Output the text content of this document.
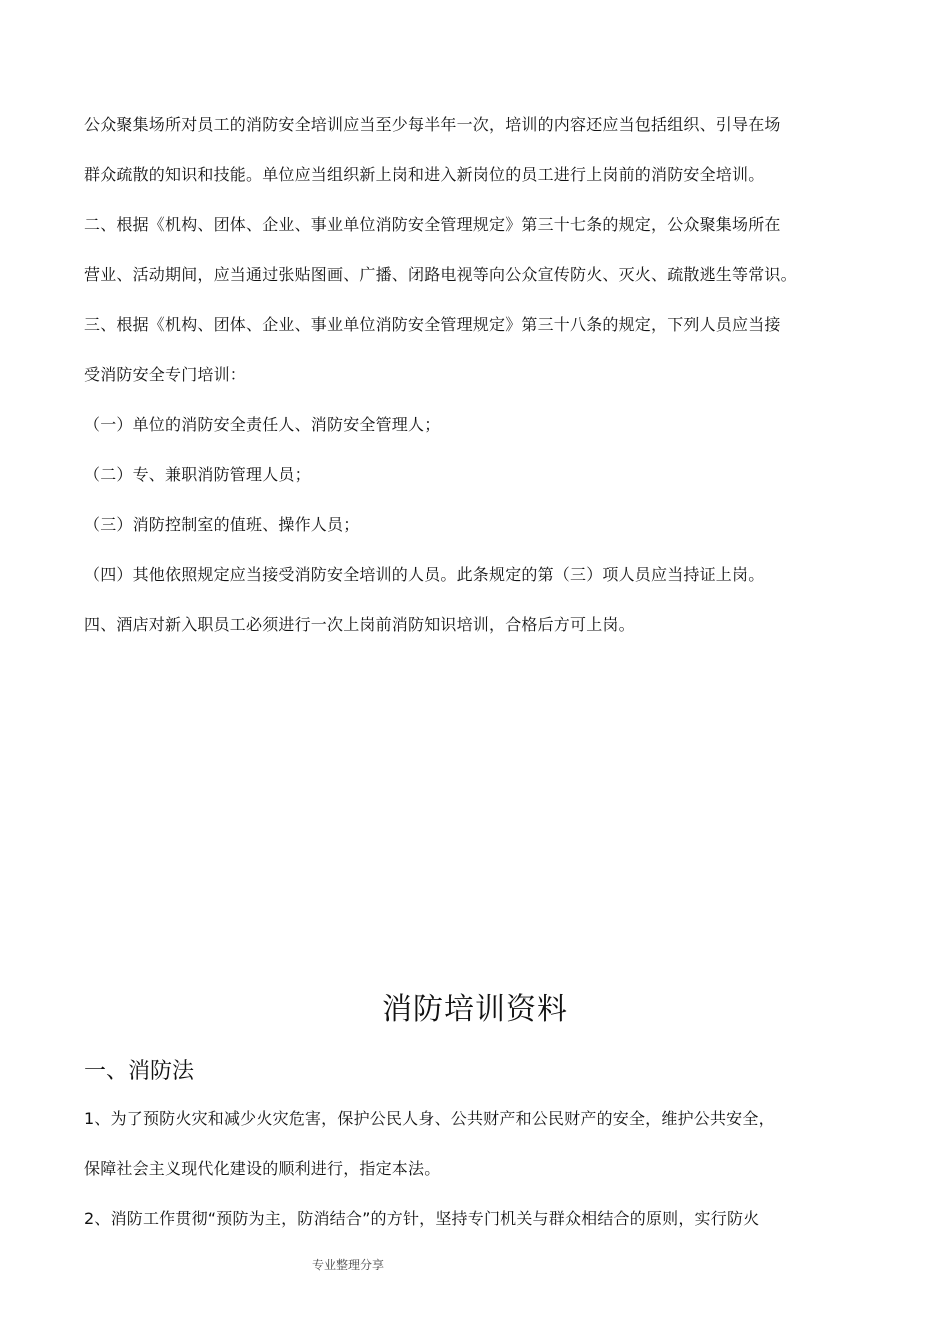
公众聚集场所对员工的消防安全培训应当至少每半年一次，培训的内容还应当包括组织、引导在场
群众疏散的知识和技能。单位应当组织新上岗和进入新岗位的员工进行上岗前的消防安全培训。
二、根据《机构、团体、企业、事业单位消防安全管理规定》第三十七条的规定，公众聚集场所在
营业、活动期间，应当通过张贴图画、广播、闭路电视等向公众宣传防火、灭火、疏散逃生等常识。
三、根据《机构、团体、企业、事业单位消防安全管理规定》第三十八条的规定，下列人员应当接
受消防安全专门培训：
（一）单位的消防安全责任人、消防安全管理人；
（二）专、兼职消防管理人员；
（三）消防控制室的值班、操作人员；
（四）其他依照规定应当接受消防安全培训的人员。此条规定的第（三）项人员应当持证上岗。
四、酒店对新入职员工必须进行一次上岗前消防知识培训，合格后方可上岗。
消防培训资料
一、消防法
1、为了预防火灾和减少火灾危害，保护公民人身、公共财产和公民财产的安全，维护公共安全，
保障社会主义现代化建设的顺利进行，指定本法。
2、消防工作贯彻“预防为主，防消结合”的方针，坚持专门机关与群众相结合的原则，实行防火
专业整理分享
